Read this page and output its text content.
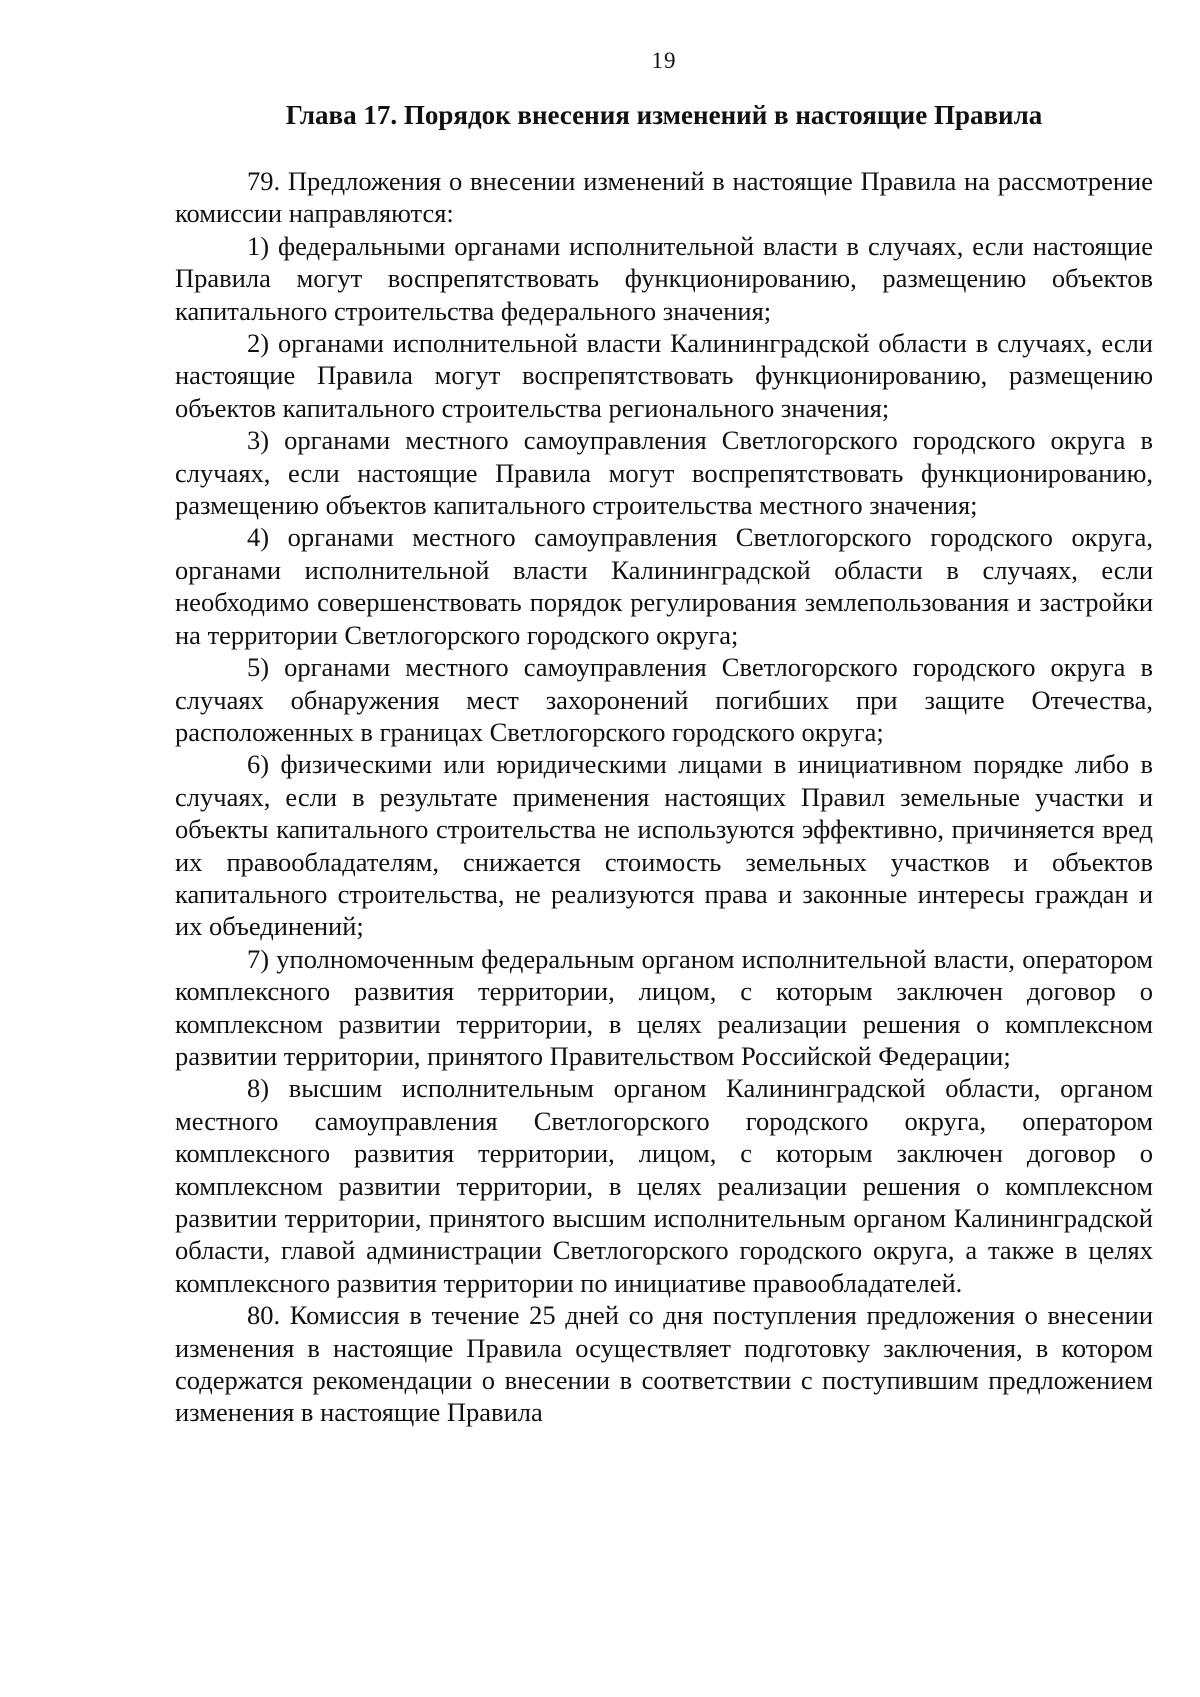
19
Глава 17. Порядок внесения изменений в настоящие Правила

79. Предложения о внесении изменений в настоящие Правила на рассмотрение комиссии направляются:

1) федеральными органами исполнительной власти в случаях, если настоящие Правила могут воспрепятствовать функционированию, размещению объектов капитального строительства федерального значения;

2) органами исполнительной власти Калининградской области в случаях, если настоящие Правила могут воспрепятствовать функционированию, размещению объектов капитального строительства регионального значения;

3) органами местного самоуправления Светлогорского городского округа в случаях, если настоящие Правила могут воспрепятствовать функционированию, размещению объектов капитального строительства местного значения;

4) органами местного самоуправления Светлогорского городского округа, органами исполнительной власти Калининградской области в случаях, если необходимо совершенствовать порядок регулирования землепользования и застройки на территории Светлогорского городского округа;

5) органами местного самоуправления Светлогорского городского округа в случаях обнаружения мест захоронений погибших при защите Отечества, расположенных в границах Светлогорского городского округа;

6) физическими или юридическими лицами в инициативном порядке либо в случаях, если в результате применения настоящих Правил земельные участки и объекты капитального строительства не используются эффективно, причиняется вред их правообладателям, снижается стоимость земельных участков и объектов капитального строительства, не реализуются права и законные интересы граждан и их объединений;

7) уполномоченным федеральным органом исполнительной власти, оператором комплексного развития территории, лицом, с которым заключен договор о комплексном развитии территории, в целях реализации решения о комплексном развитии территории, принятого Правительством Российской Федерации;

8) высшим исполнительным органом Калининградской области, органом местного самоуправления Светлогорского городского округа, оператором комплексного развития территории, лицом, с которым заключен договор о комплексном развитии территории, в целях реализации решения о комплексном развитии территории, принятого высшим исполнительным органом Калининградской области, главой администрации Светлогорского городского округа, а также в целях комплексного развития территории по инициативе правообладателей.

80. Комиссия в течение 25 дней со дня поступления предложения о внесении изменения в настоящие Правила осуществляет подготовку заключения, в котором содержатся рекомендации о внесении в соответствии с поступившим предложением изменения в настоящие Правила
